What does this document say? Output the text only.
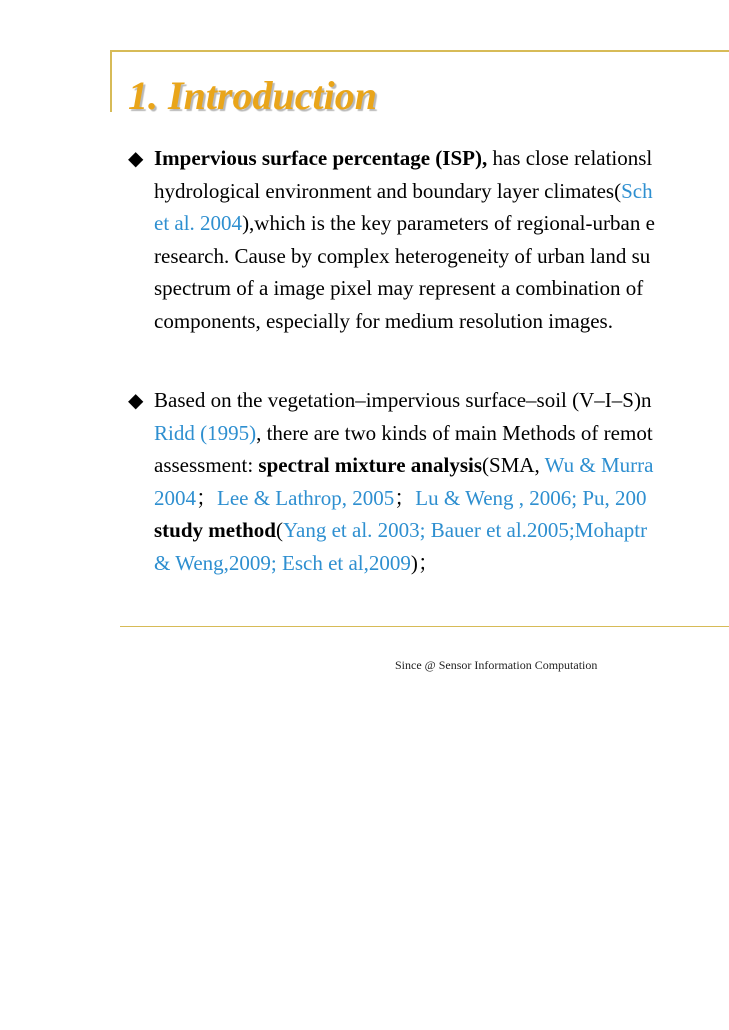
1. Introduction
◆ Impervious surface percentage (ISP), has close relationsl
hydrological environment and boundary layer climates(Sch
et al. 2004),which is the key parameters of regional-urban e
research. Cause by complex heterogeneity of urban land su
spectrum of a image pixel may represent a combination of
components, especially for medium resolution images.
◆ Based on the vegetation–impervious surface–soil (V–I–S)n
Ridd (1995), there are two kinds of main Methods of remot
assessment: spectral mixture analysis(SMA, Wu & Murra
2004；Lee & Lathrop, 2005；Lu & Weng , 2006; Pu, 200
study method(Yang et al. 2003; Bauer et al.2005;Mohaptr
& Weng,2009; Esch et al,2009)；
Since @ Sensor Information Computation
